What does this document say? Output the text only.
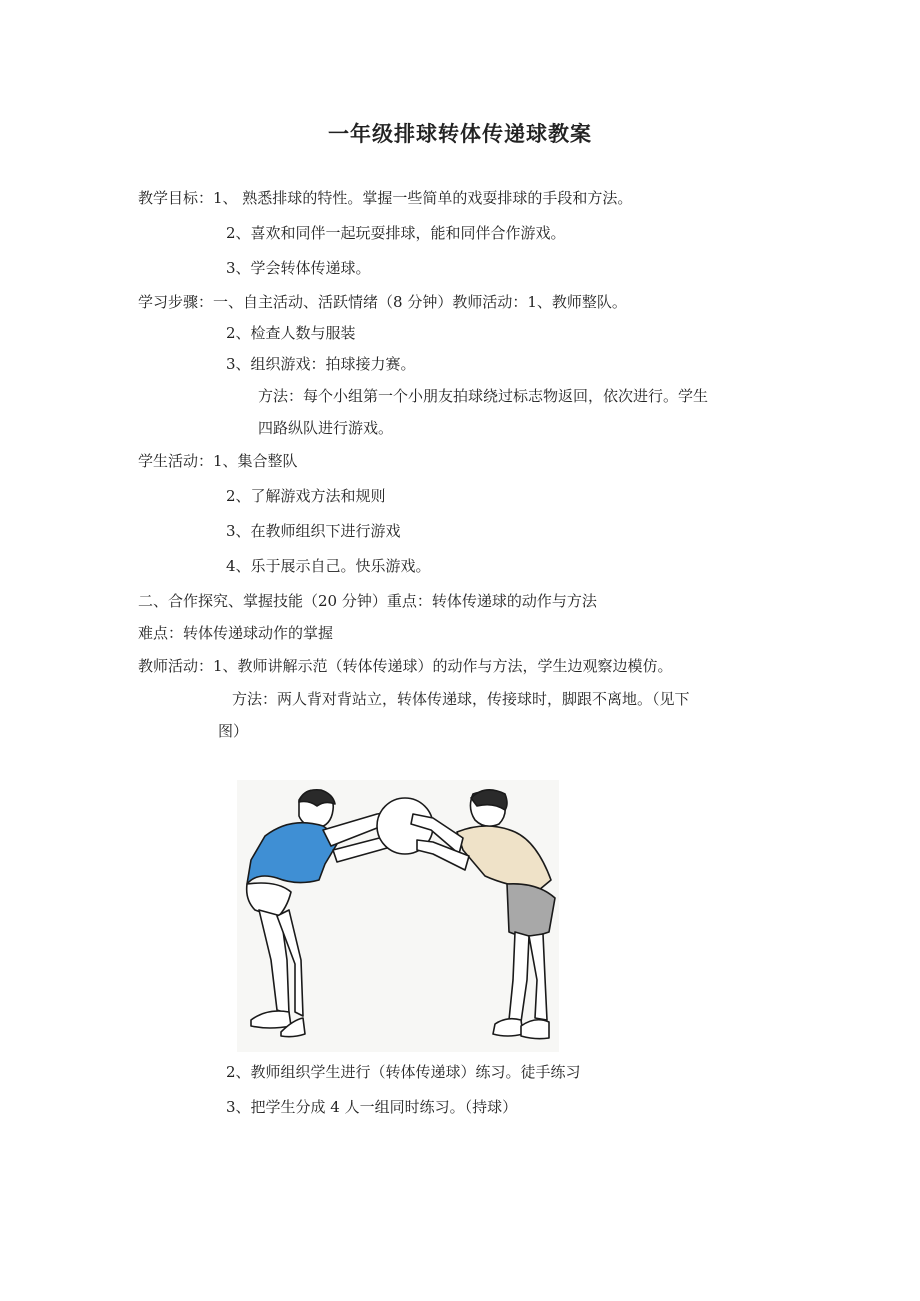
一年级排球转体传递球教案
教学目标：1、 熟悉排球的特性。掌握一些简单的戏耍排球的手段和方法。
2、喜欢和同伴一起玩耍排球，能和同伴合作游戏。
3、学会转体传递球。
学习步骤：一、自主活动、活跃情绪（8 分钟）教师活动：1、教师整队。
2、检查人数与服装
3、组织游戏：拍球接力赛。
方法：每个小组第一个小朋友拍球绕过标志物返回，依次进行。学生
四路纵队进行游戏。
学生活动：1、集合整队
2、了解游戏方法和规则
3、在教师组织下进行游戏
4、乐于展示自己。快乐游戏。
二、合作探究、掌握技能（20 分钟）重点：转体传递球的动作与方法
难点：转体传递球动作的掌握
教师活动：1、教师讲解示范（转体传递球）的动作与方法，学生边观察边模仿。
方法：两人背对背站立，转体传递球，传接球时，脚跟不离地。（见下
图）
2、教师组织学生进行（转体传递球）练习。徒手练习
3、把学生分成 4 人一组同时练习。（持球）
